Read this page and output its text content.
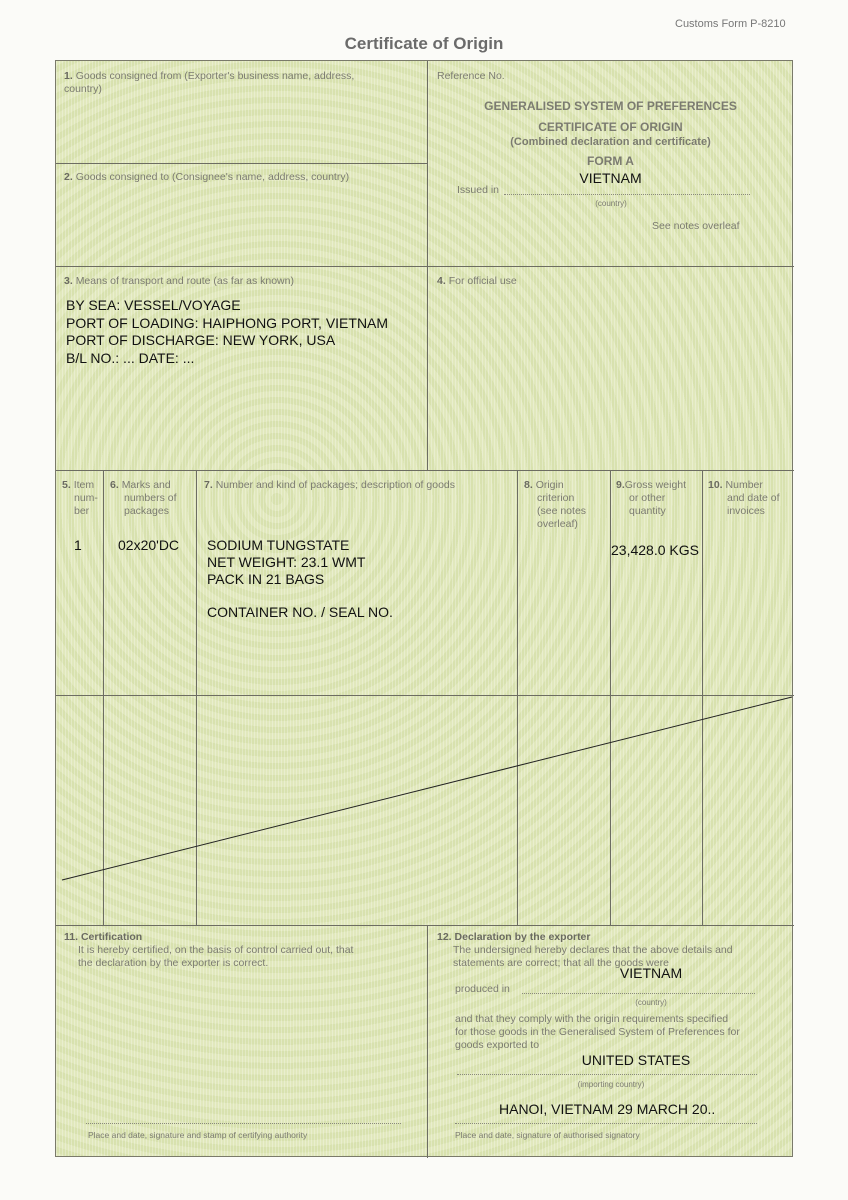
Customs Form P-8210
Certificate of Origin
1. Goods consigned from (Exporter's business name, address, country)
2. Goods consigned to (Consignee's name, address, country)
Reference No.
GENERALISED SYSTEM OF PREFERENCES
CERTIFICATE OF ORIGIN
(Combined declaration and certificate)
FORM A
VIETNAM
Issued in
(country)
See notes overleaf
3. Means of transport and route (as far as known)
BY SEA: VESSEL/VOYAGE
PORT OF LOADING: HAIPHONG PORT, VIETNAM
PORT OF DISCHARGE: NEW YORK, USA
B/L NO.: ... DATE: ...
4. For official use
5. Item
num-
ber
6. Marks and
numbers of
packages
7. Number and kind of packages; description of goods	8. Origin
criterion
(see notes
overleaf)
9.Gross weight
or other
quantity
10. Number
and date of
invoices
1	02x20'DC SODIUM TUNGSTATE
NET WEIGHT: 23.1 WMT
PACK IN 21 BAGS
CONTAINER NO. / SEAL NO.
23,428.0 KGS
11. Certification
It is hereby certified, on the basis of control carried out, that
the declaration by the exporter is correct.
Place and date, signature and stamp of certifying authority
12. Declaration by the exporter
The undersigned hereby declares that the above details and
statements are correct; that all the goods were
VIETNAM
produced in
(country)
and that they comply with the origin requirements specified
for those goods in the Generalised System of Preferences for
goods exported to
UNITED STATES
(importing country)
HANOI, VIETNAM 29 MARCH 20..
Place and date, signature of authorised signatory
